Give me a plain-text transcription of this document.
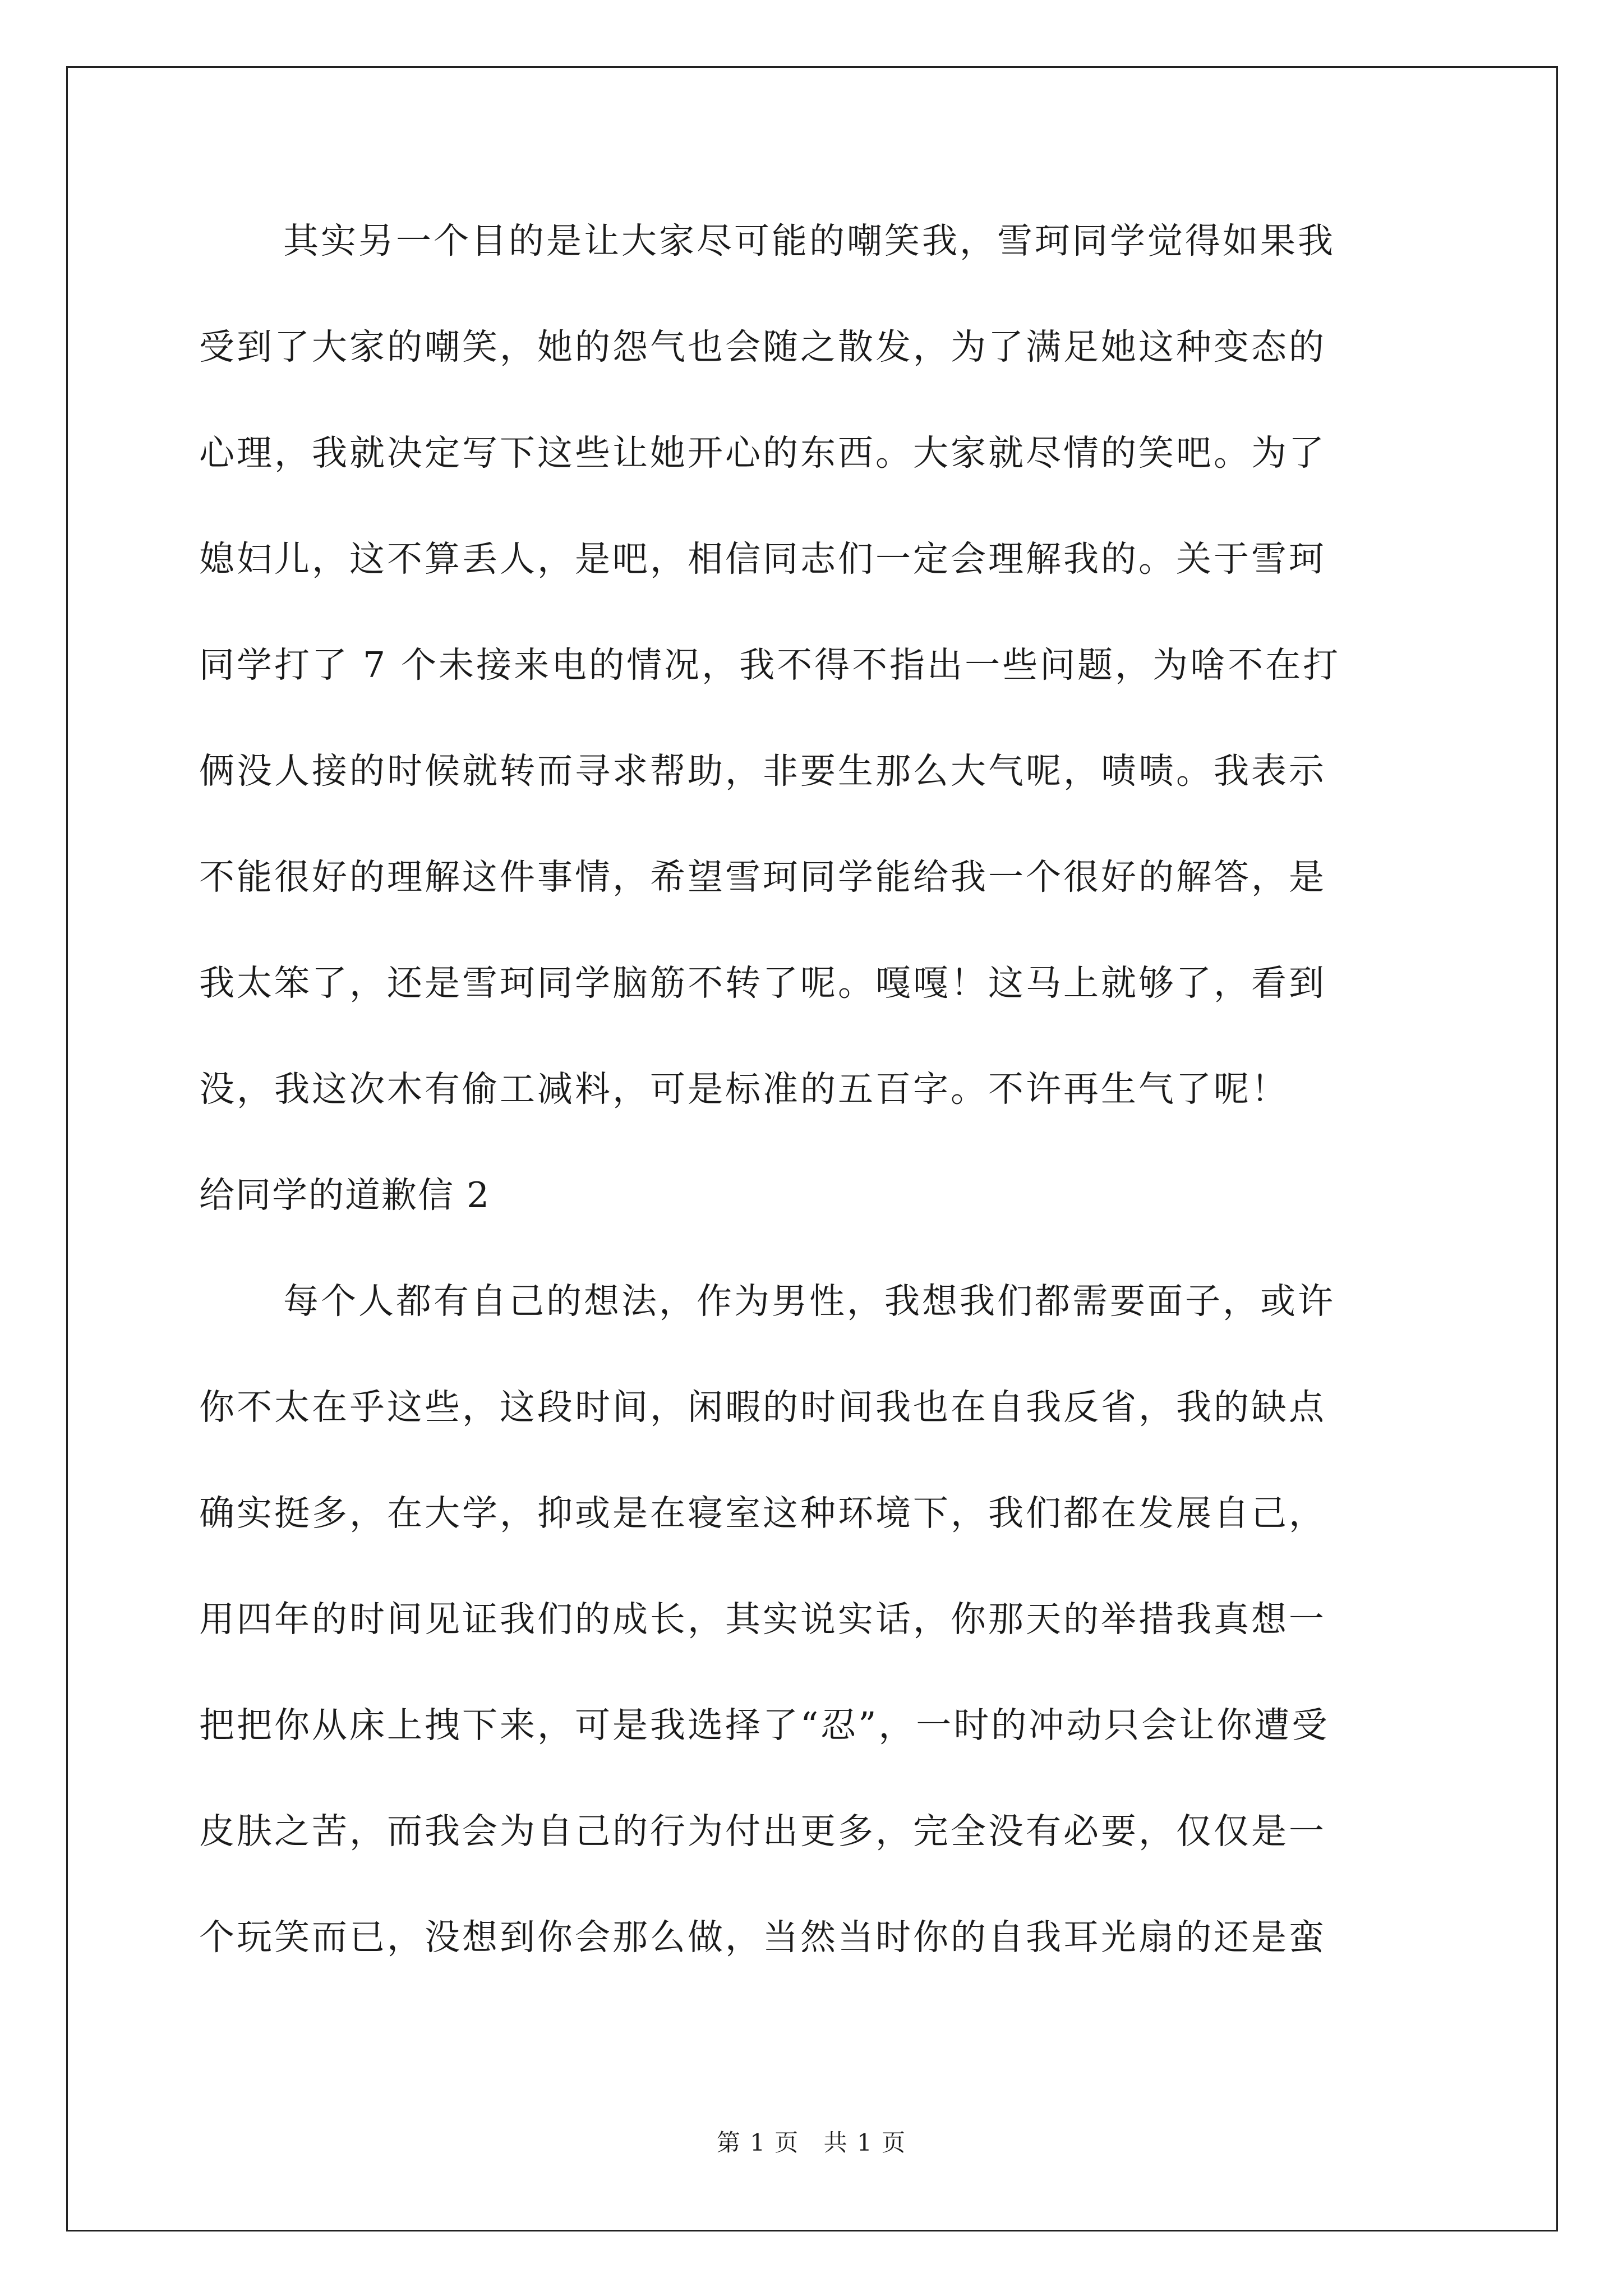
其实另一个目的是让大家尽可能的嘲笑我，雪珂同学觉得如果我
受到了大家的嘲笑，她的怨气也会随之散发，为了满足她这种变态的
心理，我就决定写下这些让她开心的东西。大家就尽情的笑吧。为了
媳妇儿，这不算丢人，是吧，相信同志们一定会理解我的。关于雪珂
同学打了 7 个未接来电的情况，我不得不指出一些问题，为啥不在打
俩没人接的时候就转而寻求帮助，非要生那么大气呢，啧啧。我表示
不能很好的理解这件事情，希望雪珂同学能给我一个很好的解答，是
我太笨了，还是雪珂同学脑筋不转了呢。嘎嘎！这马上就够了，看到
没，我这次木有偷工减料，可是标准的五百字。不许再生气了呢！
给同学的道歉信 2
每个人都有自己的想法，作为男性，我想我们都需要面子，或许
你不太在乎这些，这段时间，闲暇的时间我也在自我反省，我的缺点
确实挺多，在大学，抑或是在寝室这种环境下，我们都在发展自己，
用四年的时间见证我们的成长，其实说实话，你那天的举措我真想一
把把你从床上拽下来，可是我选择了“忍”，一时的冲动只会让你遭受
皮肤之苦，而我会为自己的行为付出更多，完全没有必要，仅仅是一
个玩笑而已，没想到你会那么做，当然当时你的自我耳光扇的还是蛮
第 1 页 共 1 页
